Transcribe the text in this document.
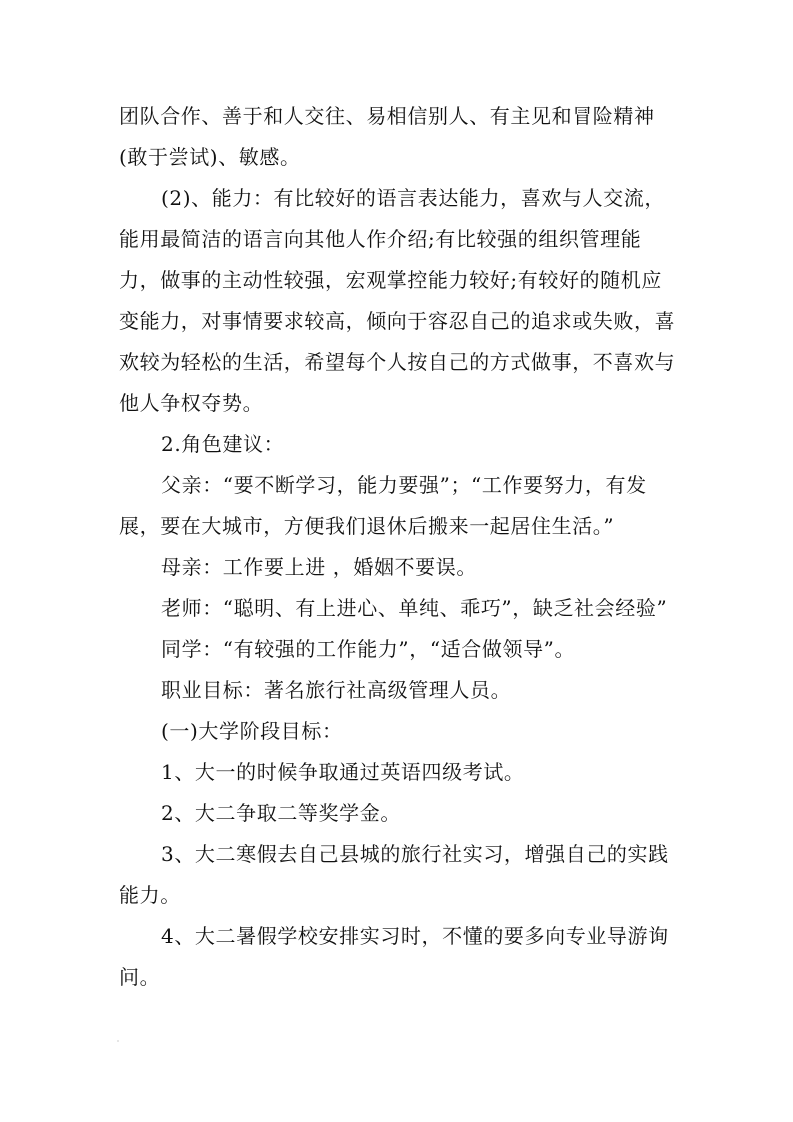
团队合作、善于和人交往、易相信别人、有主见和冒险精神(敢于尝试)、敏感。

(2)、能力：有比较好的语言表达能力，喜欢与人交流，能用最简洁的语言向其他人作介绍;有比较强的组织管理能力，做事的主动性较强，宏观掌控能力较好;有较好的随机应变能力，对事情要求较高，倾向于容忍自己的追求或失败，喜欢较为轻松的生活，希望每个人按自己的方式做事，不喜欢与他人争权夺势。

2.角色建议：

父亲：“要不断学习，能力要强”；“工作要努力，有发展，要在大城市，方便我们退休后搬来一起居住生活。”

母亲：工作要上进 ，婚姻不要误。

老师：“聪明、有上进心、单纯、乖巧”，缺乏社会经验”

同学：“有较强的工作能力”，“适合做领导”。

职业目标：著名旅行社高级管理人员。

(一)大学阶段目标：

1、大一的时候争取通过英语四级考试。

2、大二争取二等奖学金。

3、大二寒假去自己县城的旅行社实习，增强自己的实践能力。

4、大二暑假学校安排实习时，不懂的要多向专业导游询问。
